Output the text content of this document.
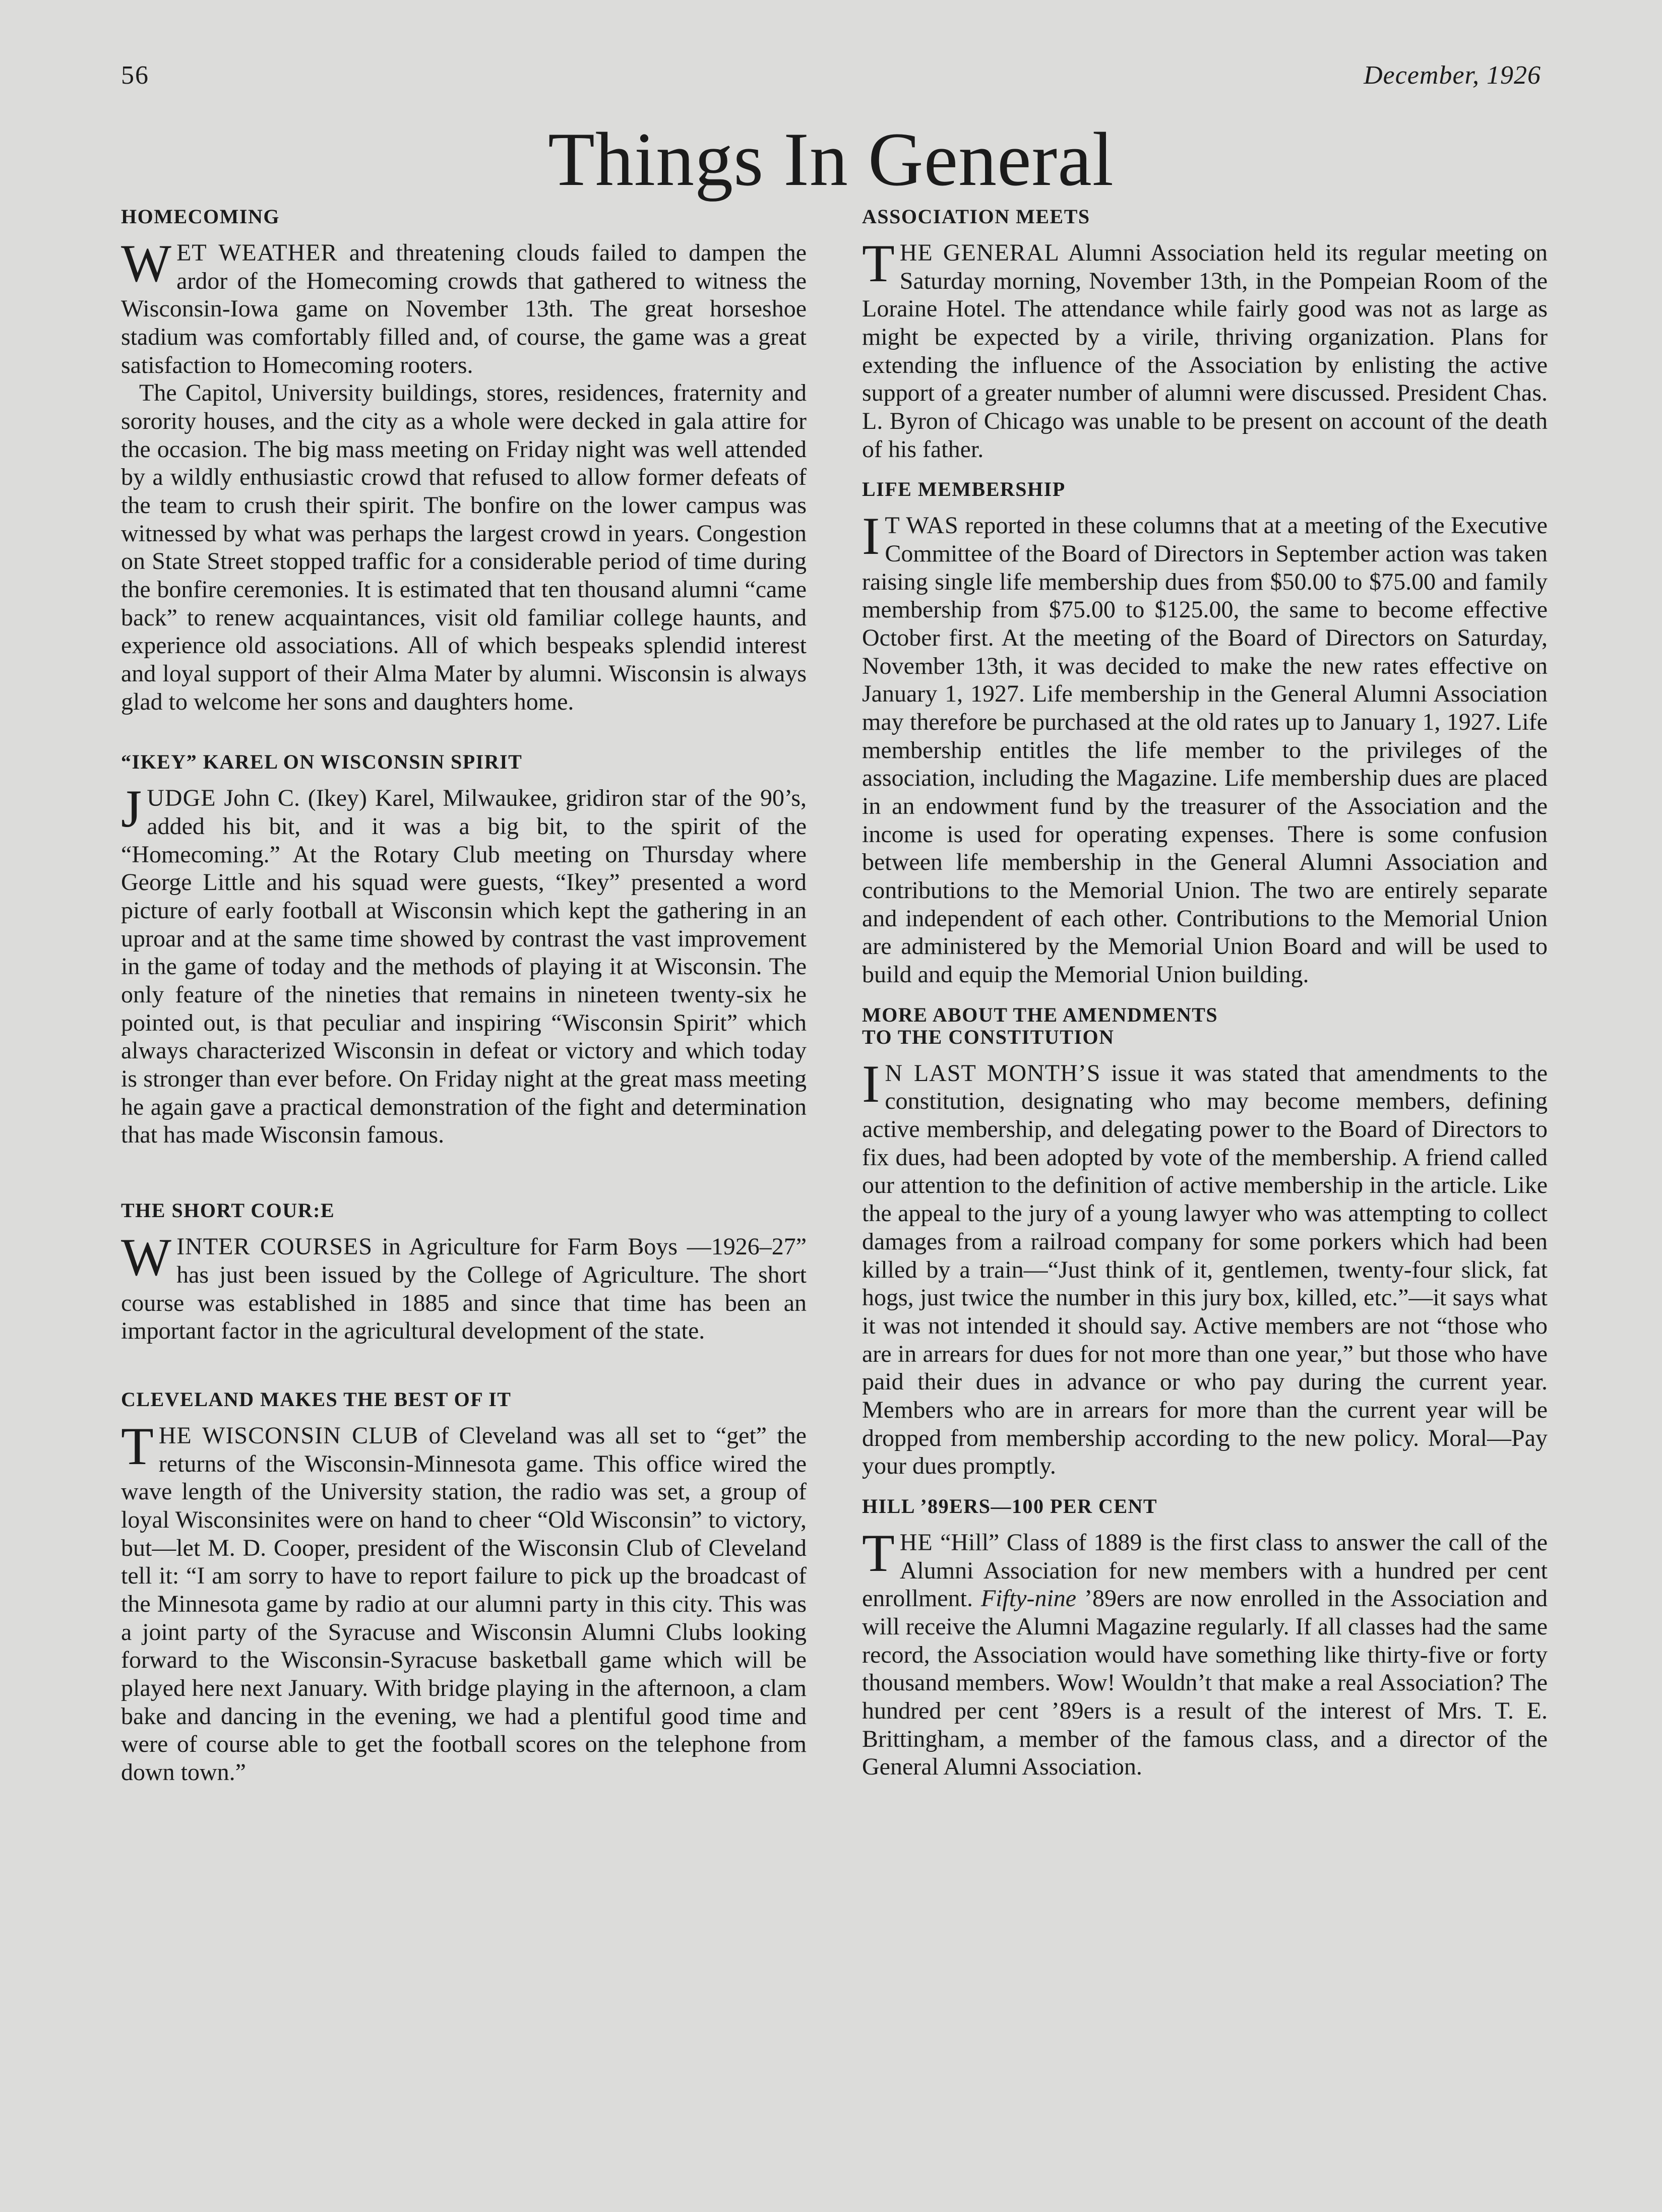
56	December, 1926
Things In General
HOMECOMING

WET WEATHER and threatening clouds failed to dampen the ardor of the Homecoming crowds that gathered to witness the Wisconsin-Iowa game on November 13th. The great horseshoe stadium was comfortably filled and, of course, the game was a great satisfaction to Homecoming rooters.

The Capitol, University buildings, stores, residences, fraternity and sorority houses, and the city as a whole were decked in gala attire for the occasion. The big mass meeting on Friday night was well attended by a wildly enthusiastic crowd that refused to allow former defeats of the team to crush their spirit. The bonfire on the lower campus was witnessed by what was perhaps the largest crowd in years. Congestion on State Street stopped traffic for a considerable period of time during the bonfire ceremonies. It is estimated that ten thousand alumni “came back” to renew acquaintances, visit old familiar college haunts, and experience old associations. All of which bespeaks splendid interest and loyal support of their Alma Mater by alumni. Wisconsin is always glad to welcome her sons and daughters home.

“IKEY” KAREL ON WISCONSIN SPIRIT

JUDGE John C. (Ikey) Karel, Milwaukee, gridiron star of the 90’s, added his bit, and it was a big bit, to the spirit of the “Homecoming.” At the Rotary Club meeting on Thursday where George Little and his squad were guests, “Ikey” presented a word picture of early football at Wisconsin which kept the gathering in an uproar and at the same time showed by contrast the vast improvement in the game of today and the methods of playing it at Wisconsin. The only feature of the nineties that remains in nineteen twenty-six he pointed out, is that peculiar and inspiring “Wisconsin Spirit” which always characterized Wisconsin in defeat or victory and which today is stronger than ever before. On Friday night at the great mass meeting he again gave a practical demonstration of the fight and determination that has made Wisconsin famous.

THE SHORT COUR:E

WINTER COURSES in Agriculture for Farm Boys —1926–27” has just been issued by the College of Agriculture. The short course was established in 1885 and since that time has been an important factor in the agricultural development of the state.

CLEVELAND MAKES THE BEST OF IT

THE WISCONSIN CLUB of Cleveland was all set to “get” the returns of the Wisconsin-Minnesota game. This office wired the wave length of the University station, the radio was set, a group of loyal Wisconsinites were on hand to cheer “Old Wisconsin” to victory, but—let M. D. Cooper, president of the Wisconsin Club of Cleveland tell it: “I am sorry to have to report failure to pick up the broadcast of the Minnesota game by radio at our alumni party in this city. This was a joint party of the Syracuse and Wisconsin Alumni Clubs looking forward to the Wisconsin-Syracuse basketball game which will be played here next January. With bridge playing in the afternoon, a clam bake and dancing in the evening, we had a plentiful good time and were of course able to get the football scores on the telephone from down town.”

ASSOCIATION MEETS

THE GENERAL Alumni Association held its regular meeting on Saturday morning, November 13th, in the Pompeian Room of the Loraine Hotel. The attendance while fairly good was not as large as might be expected by a virile, thriving organization. Plans for extending the influence of the Association by enlisting the active support of a greater number of alumni were discussed. President Chas. L. Byron of Chicago was unable to be present on account of the death of his father.

LIFE MEMBERSHIP

I T WAS reported in these columns that at a meeting of the Executive Committee of the Board of Directors in September action was taken raising single life membership dues from $50.00 to $75.00 and family membership from $75.00 to $125.00, the same to become effective October first. At the meeting of the Board of Directors on Saturday, November 13th, it was decided to make the new rates effective on January 1, 1927. Life membership in the General Alumni Association may therefore be purchased at the old rates up to January 1, 1927. Life membership entitles the life member to the privileges of the association, including the Magazine. Life membership dues are placed in an endowment fund by the treasurer of the Association and the income is used for operating expenses. There is some confusion between life membership in the General Alumni Association and contributions to the Memorial Union. The two are entirely separate and independent of each other. Contributions to the Memorial Union are administered by the Memorial Union Board and will be used to build and equip the Memorial Union building.

MORE ABOUT THE AMENDMENTS
TO THE CONSTITUTION

I N LAST MONTH’S issue it was stated that amendments to the constitution, designating who may become members, defining active membership, and delegating power to the Board of Directors to fix dues, had been adopted by vote of the membership. A friend called our attention to the definition of active membership in the article. Like the appeal to the jury of a young lawyer who was attempting to collect damages from a railroad company for some porkers which had been killed by a train—“Just think of it, gentlemen, twenty-four slick, fat hogs, just twice the number in this jury box, killed, etc.”—it says what it was not intended it should say. Active members are not “those who are in arrears for dues for not more than one year,” but those who have paid their dues in advance or who pay during the current year. Members who are in arrears for more than the current year will be dropped from membership according to the new policy. Moral—Pay your dues promptly.

HILL ’89ERS—100 PER CENT

THE “Hill” Class of 1889 is the first class to answer the call of the Alumni Association for new members with a hundred per cent enrollment. Fifty-nine ’89ers are now enrolled in the Association and will receive the Alumni Magazine regularly. If all classes had the same record, the Association would have something like thirty-five or forty thousand members. Wow! Wouldn’t that make a real Association? The hundred per cent ’89ers is a result of the interest of Mrs. T. E. Brittingham, a member of the famous class, and a director of the General Alumni Association.
